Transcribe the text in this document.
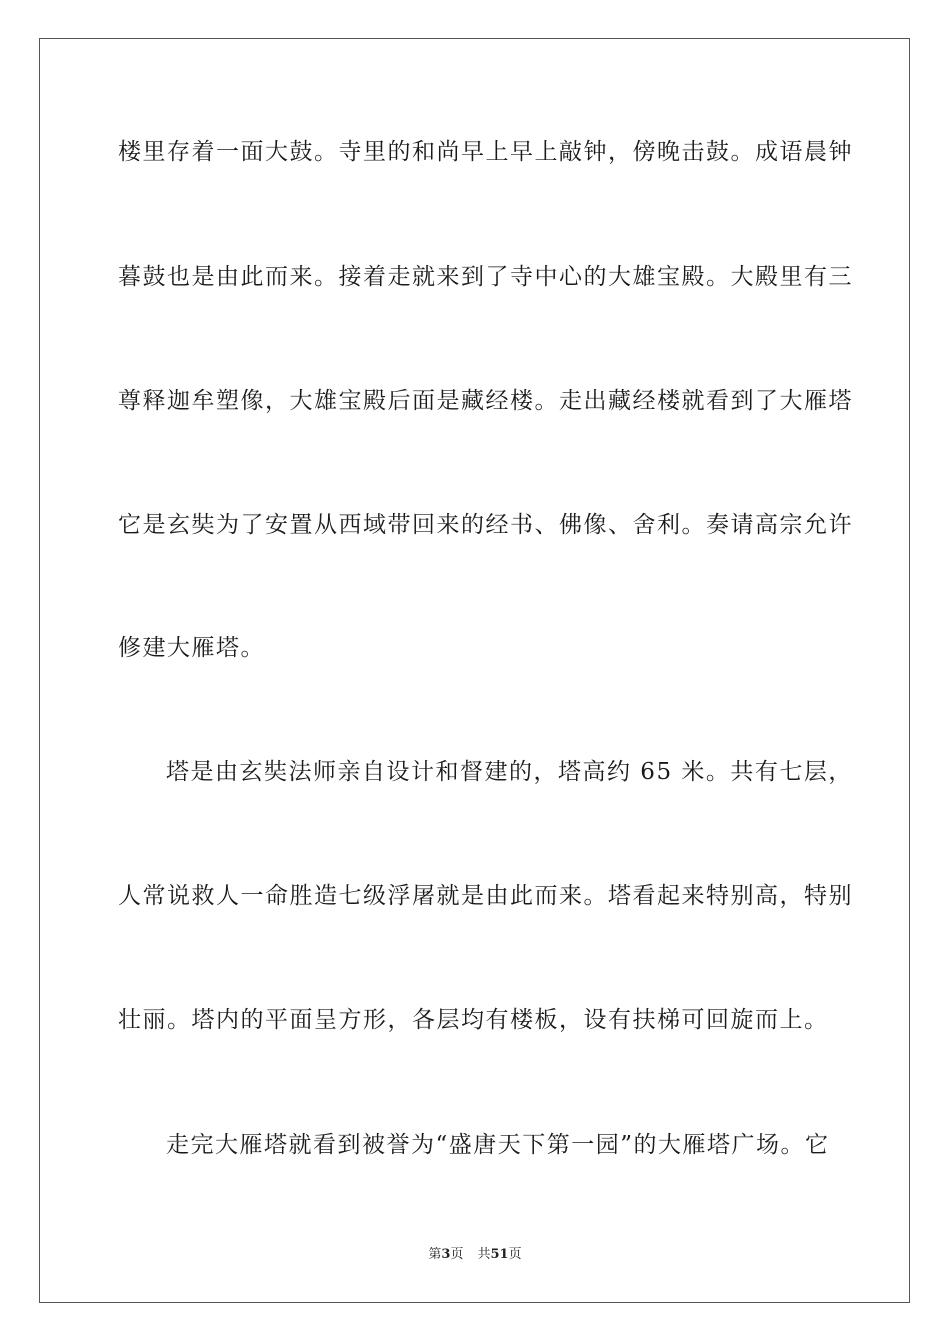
楼里存着一面大鼓。寺里的和尚早上早上敲钟，傍晚击鼓。成语晨钟
暮鼓也是由此而来。接着走就来到了寺中心的大雄宝殿。大殿里有三
尊释迦牟塑像，大雄宝殿后面是藏经楼。走出藏经楼就看到了大雁塔
它是玄奘为了安置从西域带回来的经书、佛像、舍利。奏请高宗允许
修建大雁塔。
塔是由玄奘法师亲自设计和督建的，塔高约 65 米。共有七层，
人常说救人一命胜造七级浮屠就是由此而来。塔看起来特别高，特别
壮丽。塔内的平面呈方形，各层均有楼板，设有扶梯可回旋而上。
走完大雁塔就看到被誉为“盛唐天下第一园”的大雁塔广场。它
第3页 共51页
